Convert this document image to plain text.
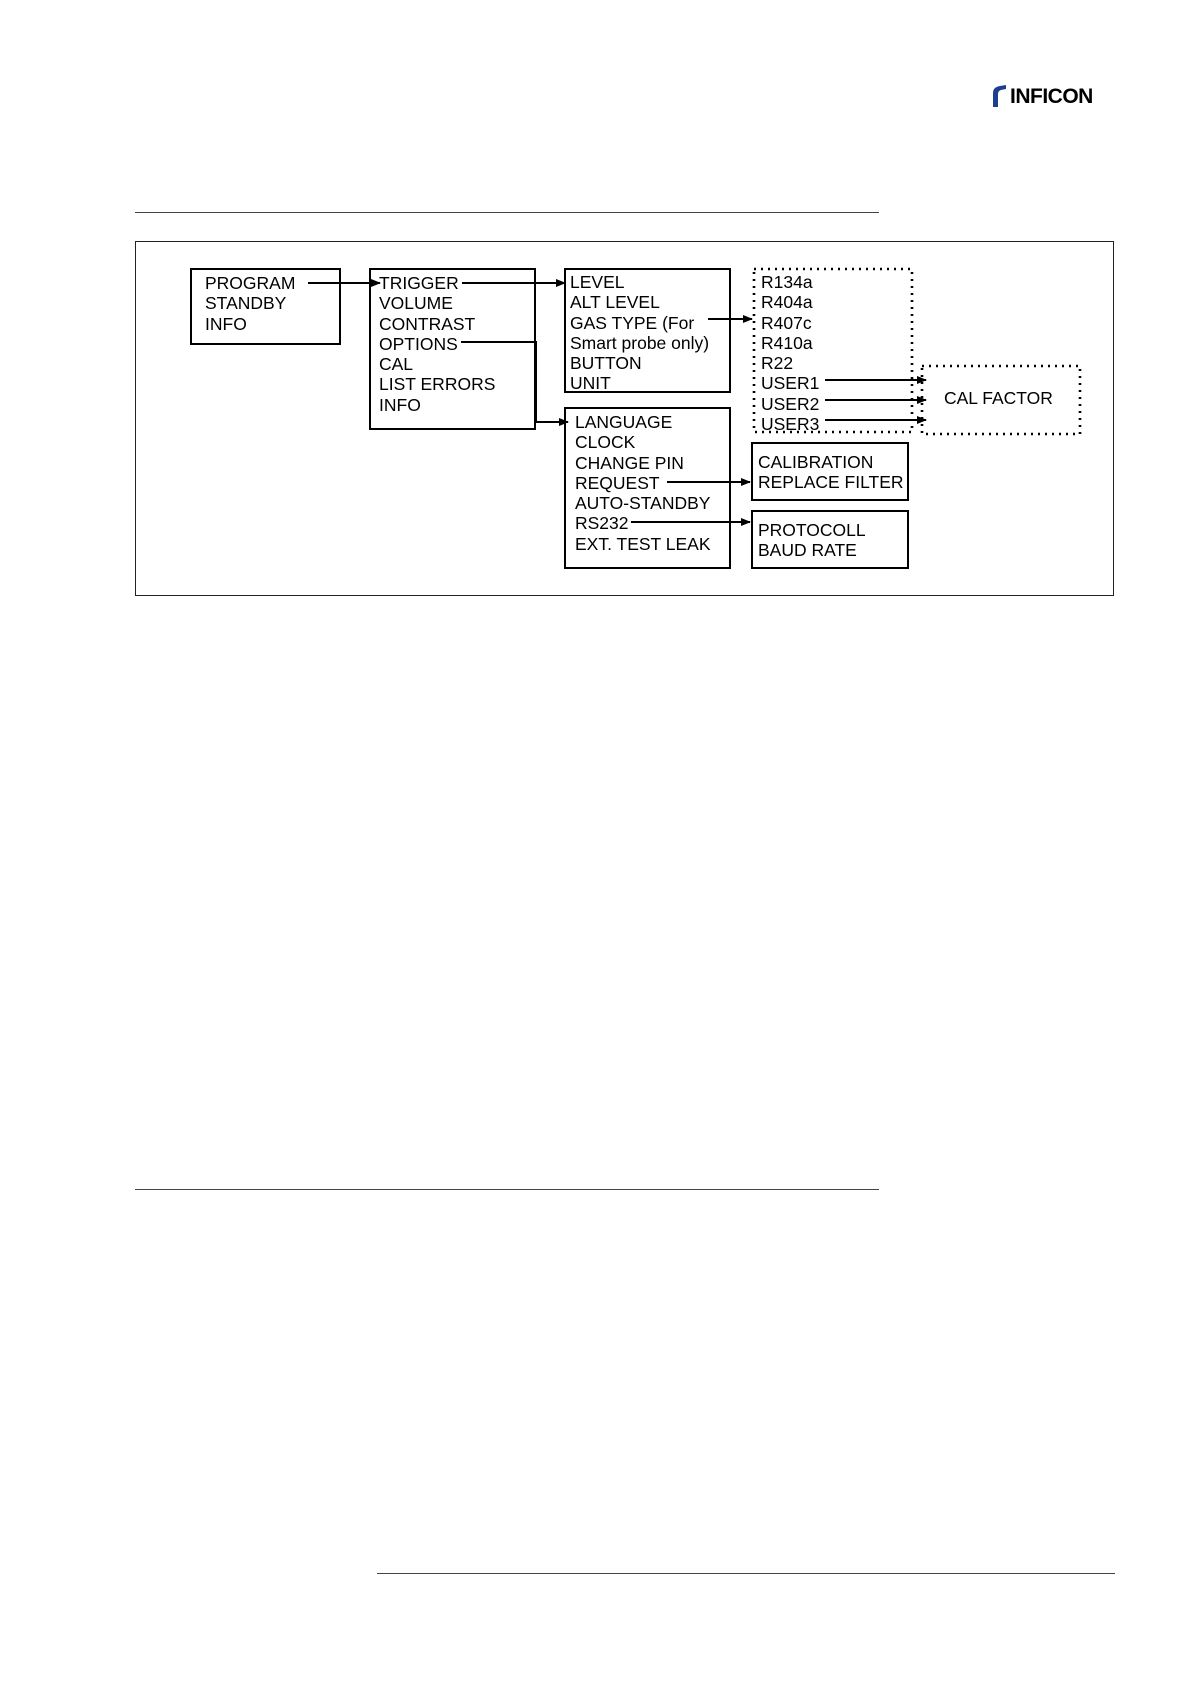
INFICON
PROGRAM
STANDBY
INFO
TRIGGER
VOLUME
CONTRAST
OPTIONS
CAL
LIST ERRORS
INFO
LEVEL
ALT LEVEL
GAS TYPE (For
Smart probe only)
BUTTON
UNIT
R134a
R404a
R407c
R410a
R22
USER1
USER2
USER3
CAL FACTOR
LANGUAGE
CLOCK
CHANGE PIN
REQUEST
AUTO-STANDBY
RS232
EXT. TEST LEAK
CALIBRATION
REPLACE FILTER
PROTOCOLL
BAUD RATE
